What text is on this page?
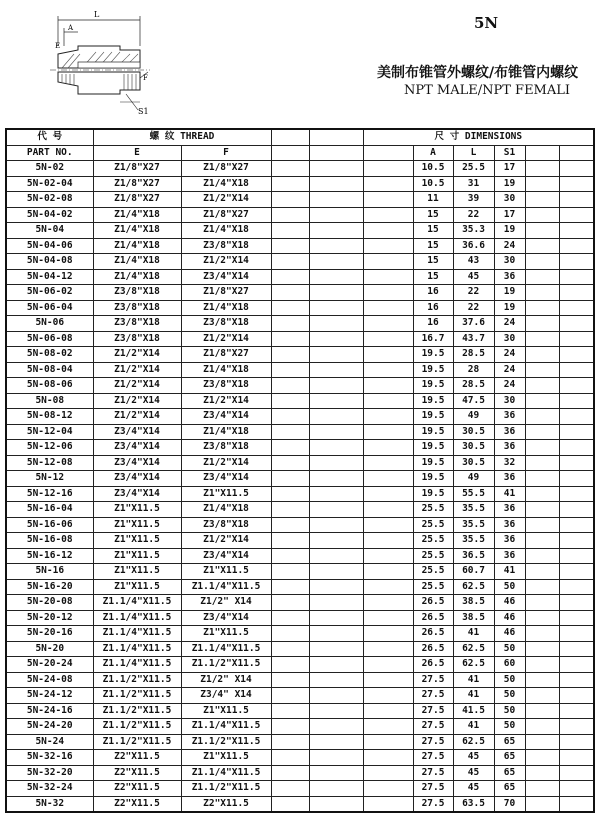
L
A
E
F
S1
5N
美制布锥管外螺纹/布锥管内螺纹
NPT MALE/NPT FEMALI
代 号	螺 纹 THREAD				尺 寸 DIMENSIONS					
PART NO.	E	F				A	L	S1		
5N-02	Z1/8"X27	Z1/8"X27				10.5	25.5	17		
5N-02-04	Z1/8"X27	Z1/4"X18				10.5	31	19		
5N-02-08	Z1/8"X27	Z1/2"X14				11	39	30		
5N-04-02	Z1/4"X18	Z1/8"X27				15	22	17		
5N-04	Z1/4"X18	Z1/4"X18				15	35.3	19		
5N-04-06	Z1/4"X18	Z3/8"X18				15	36.6	24		
5N-04-08	Z1/4"X18	Z1/2"X14				15	43	30		
5N-04-12	Z1/4"X18	Z3/4"X14				15	45	36		
5N-06-02	Z3/8"X18	Z1/8"X27				16	22	19		
5N-06-04	Z3/8"X18	Z1/4"X18				16	22	19		
5N-06	Z3/8"X18	Z3/8"X18				16	37.6	24		
5N-06-08	Z3/8"X18	Z1/2"X14				16.7	43.7	30		
5N-08-02	Z1/2"X14	Z1/8"X27				19.5	28.5	24		
5N-08-04	Z1/2"X14	Z1/4"X18				19.5	28	24		
5N-08-06	Z1/2"X14	Z3/8"X18				19.5	28.5	24		
5N-08	Z1/2"X14	Z1/2"X14				19.5	47.5	30		
5N-08-12	Z1/2"X14	Z3/4"X14				19.5	49	36		
5N-12-04	Z3/4"X14	Z1/4"X18				19.5	30.5	36		
5N-12-06	Z3/4"X14	Z3/8"X18				19.5	30.5	36		
5N-12-08	Z3/4"X14	Z1/2"X14				19.5	30.5	32		
5N-12	Z3/4"X14	Z3/4"X14				19.5	49	36		
5N-12-16	Z3/4"X14	Z1"X11.5				19.5	55.5	41		
5N-16-04	Z1"X11.5	Z1/4"X18				25.5	35.5	36		
5N-16-06	Z1"X11.5	Z3/8"X18				25.5	35.5	36		
5N-16-08	Z1"X11.5	Z1/2"X14				25.5	35.5	36		
5N-16-12	Z1"X11.5	Z3/4"X14				25.5	36.5	36		
5N-16	Z1"X11.5	Z1"X11.5				25.5	60.7	41		
5N-16-20	Z1"X11.5	Z1.1/4"X11.5				25.5	62.5	50		
5N-20-08	Z1.1/4"X11.5	Z1/2" X14				26.5	38.5	46		
5N-20-12	Z1.1/4"X11.5	Z3/4"X14				26.5	38.5	46		
5N-20-16	Z1.1/4"X11.5	Z1"X11.5				26.5	41	46		
5N-20	Z1.1/4"X11.5	Z1.1/4"X11.5				26.5	62.5	50		
5N-20-24	Z1.1/4"X11.5	Z1.1/2"X11.5				26.5	62.5	60		
5N-24-08	Z1.1/2"X11.5	Z1/2" X14				27.5	41	50		
5N-24-12	Z1.1/2"X11.5	Z3/4" X14				27.5	41	50		
5N-24-16	Z1.1/2"X11.5	Z1"X11.5				27.5	41.5	50		
5N-24-20	Z1.1/2"X11.5	Z1.1/4"X11.5				27.5	41	50		
5N-24	Z1.1/2"X11.5	Z1.1/2"X11.5				27.5	62.5	65		
5N-32-16	Z2"X11.5	Z1"X11.5				27.5	45	65		
5N-32-20	Z2"X11.5	Z1.1/4"X11.5				27.5	45	65		
5N-32-24	Z2"X11.5	Z1.1/2"X11.5				27.5	45	65		
5N-32	Z2"X11.5	Z2"X11.5				27.5	63.5	70		
